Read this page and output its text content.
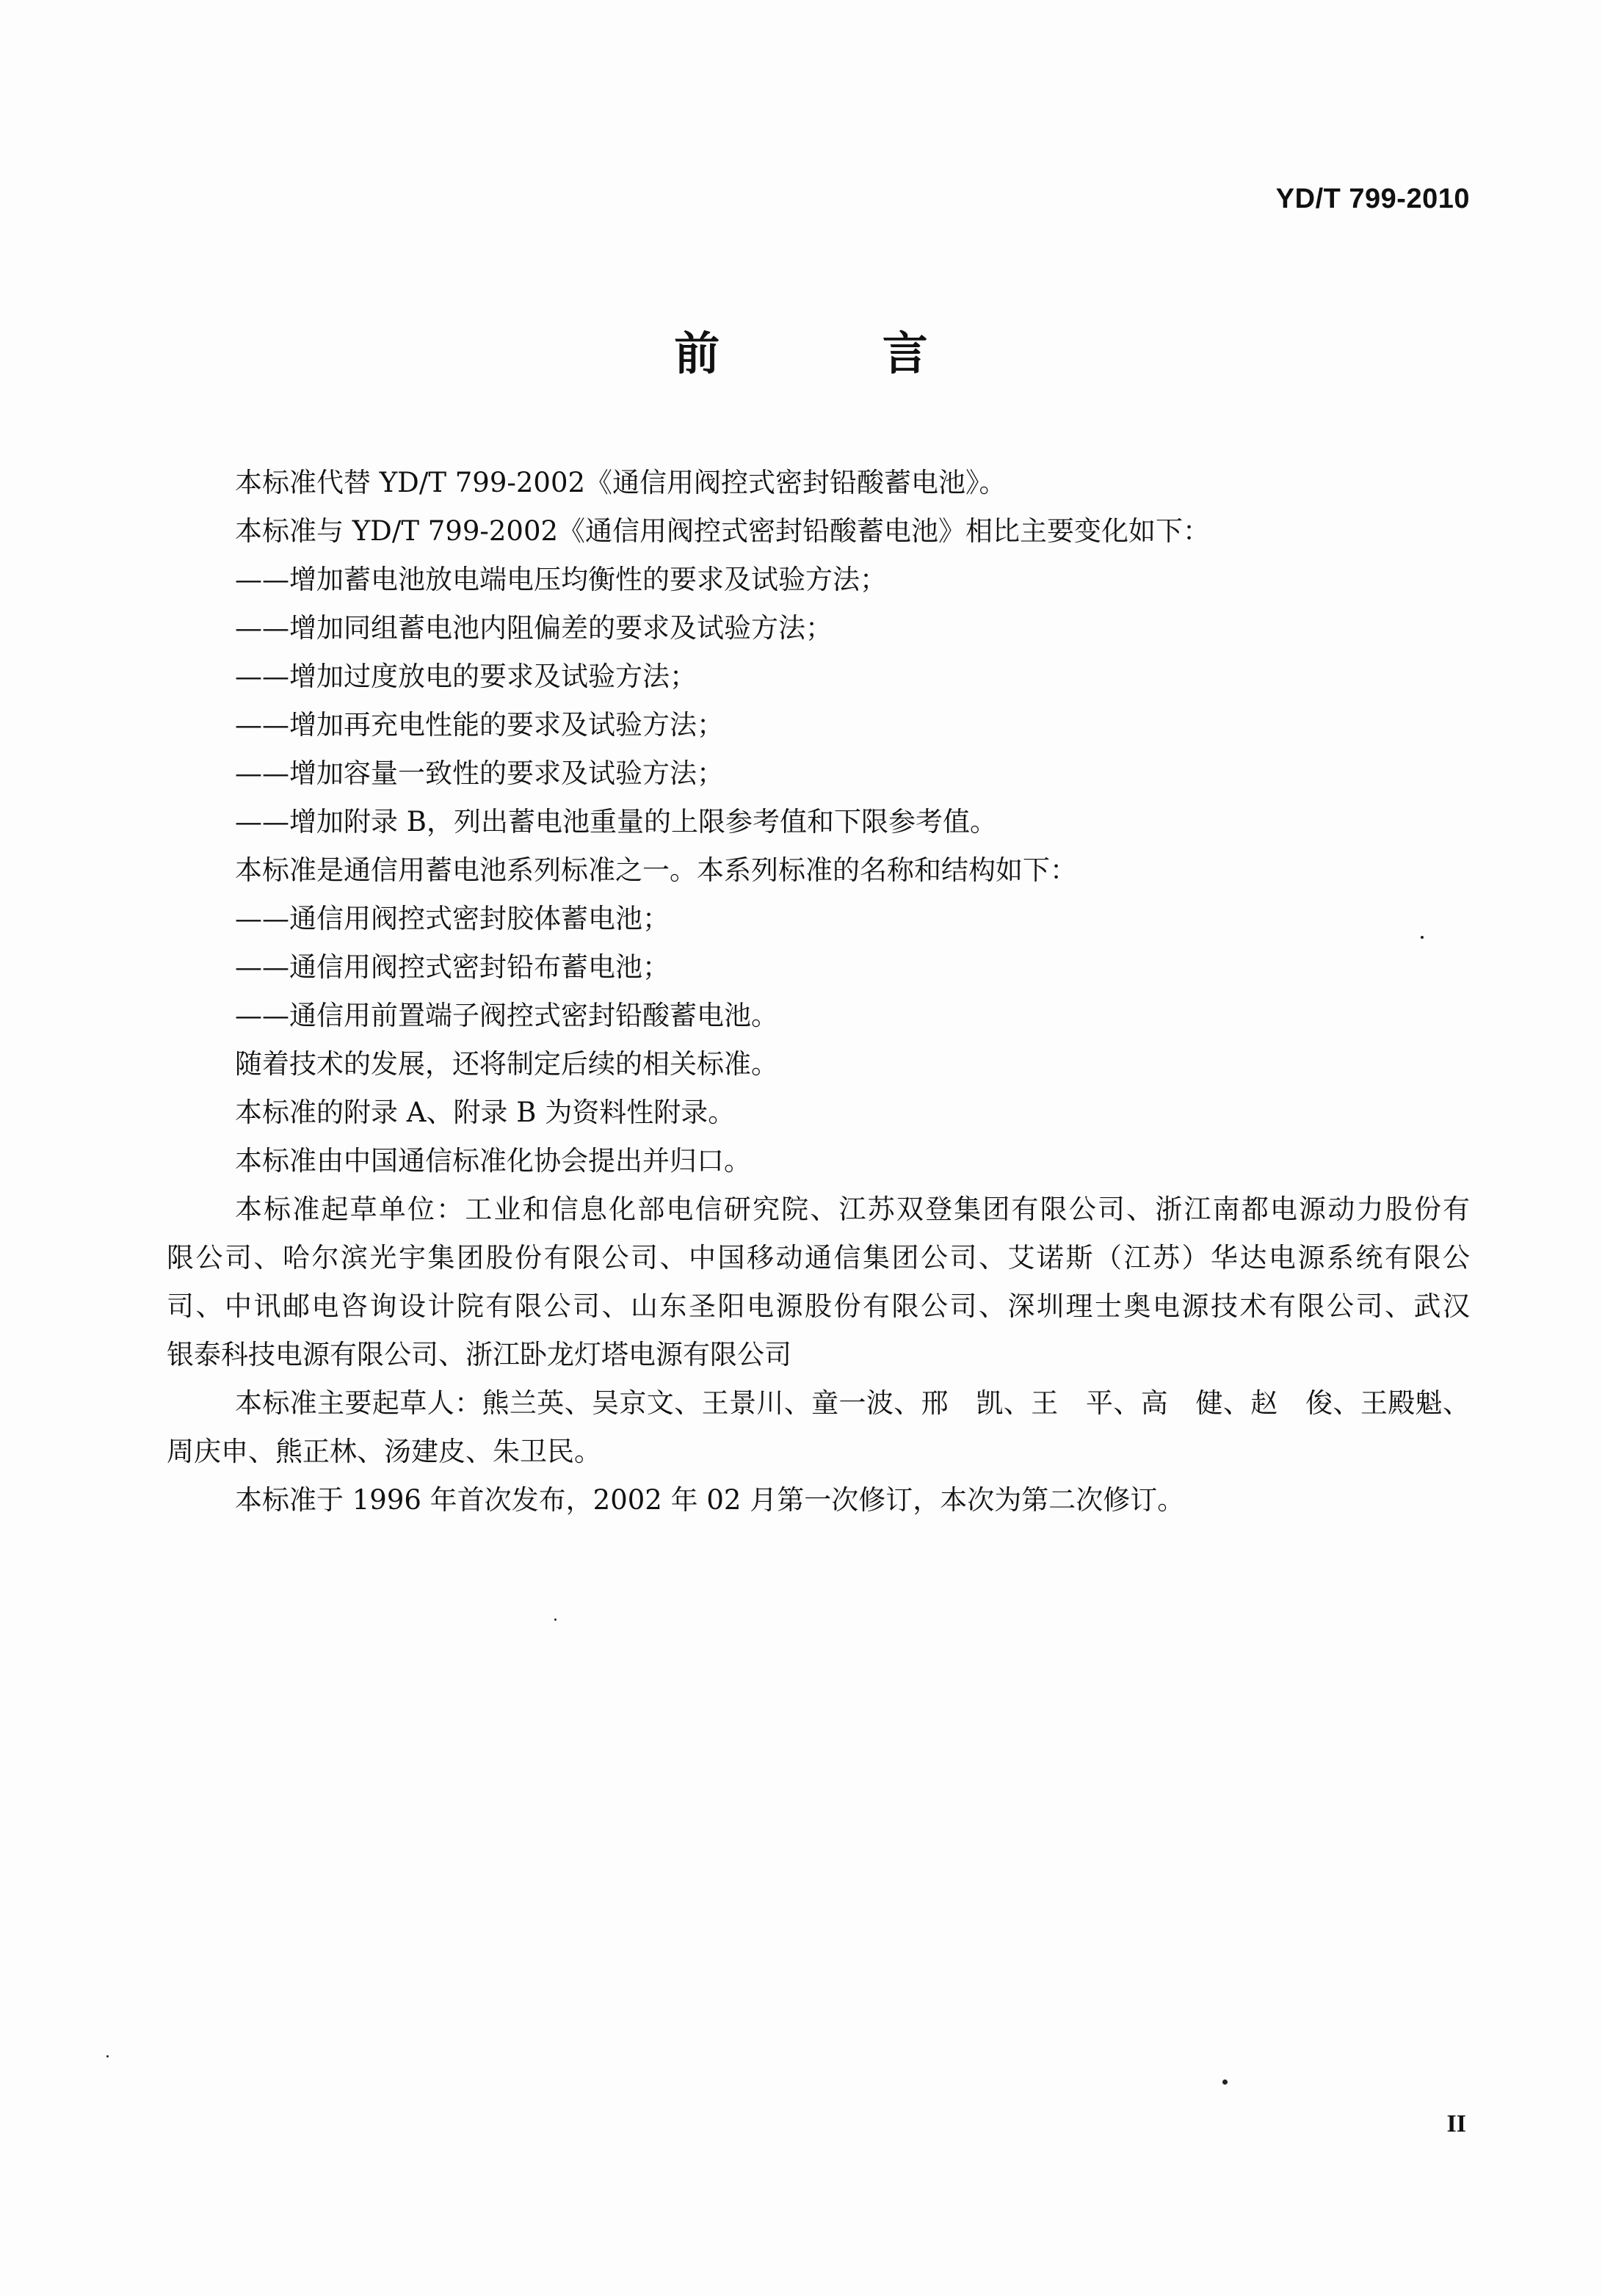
YD/T 799-2010
前 言
本标准代替 YD/T 799-2002《通信用阀控式密封铅酸蓄电池》。
本标准与 YD/T 799-2002《通信用阀控式密封铅酸蓄电池》相比主要变化如下：
——增加蓄电池放电端电压均衡性的要求及试验方法；
——增加同组蓄电池内阻偏差的要求及试验方法；
——增加过度放电的要求及试验方法；
——增加再充电性能的要求及试验方法；
——增加容量一致性的要求及试验方法；
——增加附录 B，列出蓄电池重量的上限参考值和下限参考值。
本标准是通信用蓄电池系列标准之一。本系列标准的名称和结构如下：
——通信用阀控式密封胶体蓄电池；
——通信用阀控式密封铅布蓄电池；
——通信用前置端子阀控式密封铅酸蓄电池。
随着技术的发展，还将制定后续的相关标准。
本标准的附录 A、附录 B 为资料性附录。
本标准由中国通信标准化协会提出并归口。
本标准起草单位：工业和信息化部电信研究院、江苏双登集团有限公司、浙江南都电源动力股份有
限公司、哈尔滨光宇集团股份有限公司、中国移动通信集团公司、艾诺斯（江苏）华达电源系统有限公
司、中讯邮电咨询设计院有限公司、山东圣阳电源股份有限公司、深圳理士奥电源技术有限公司、武汉
银泰科技电源有限公司、浙江卧龙灯塔电源有限公司
本标准主要起草人：熊兰英、吴京文、王景川、童一波、邢　凯、王　平、高　健、赵　俊、王殿魁、
周庆申、熊正林、汤建皮、朱卫民。
本标准于 1996 年首次发布，2002 年 02 月第一次修订，本次为第二次修订。
II
